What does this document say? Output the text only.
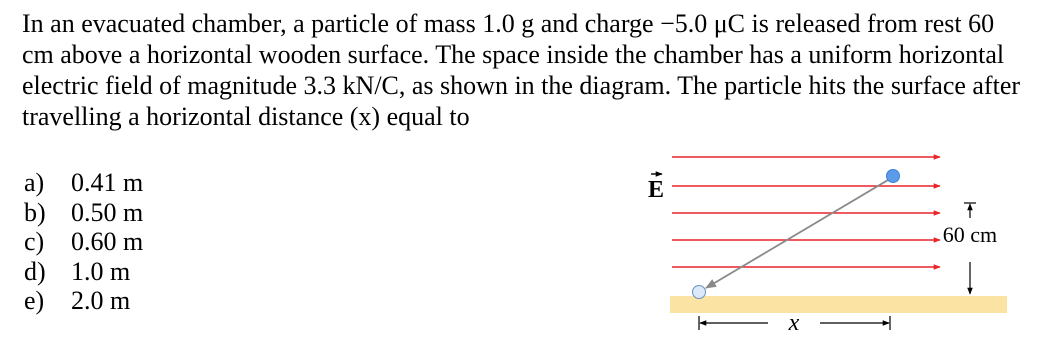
In an evacuated chamber, a particle of mass 1.0 g and charge −5.0 μC is released from rest 60 cm above a horizontal wooden surface. The space inside the chamber has a uniform horizontal electric field of magnitude 3.3 kN/C, as shown in the diagram. The particle hits the surface after travelling a horizontal distance (x) equal to
a)	0.41 m
b) 0.50 m
c)	0.60 m
d) 1.0 m
e)	2.0 m
E
60 cm
x
